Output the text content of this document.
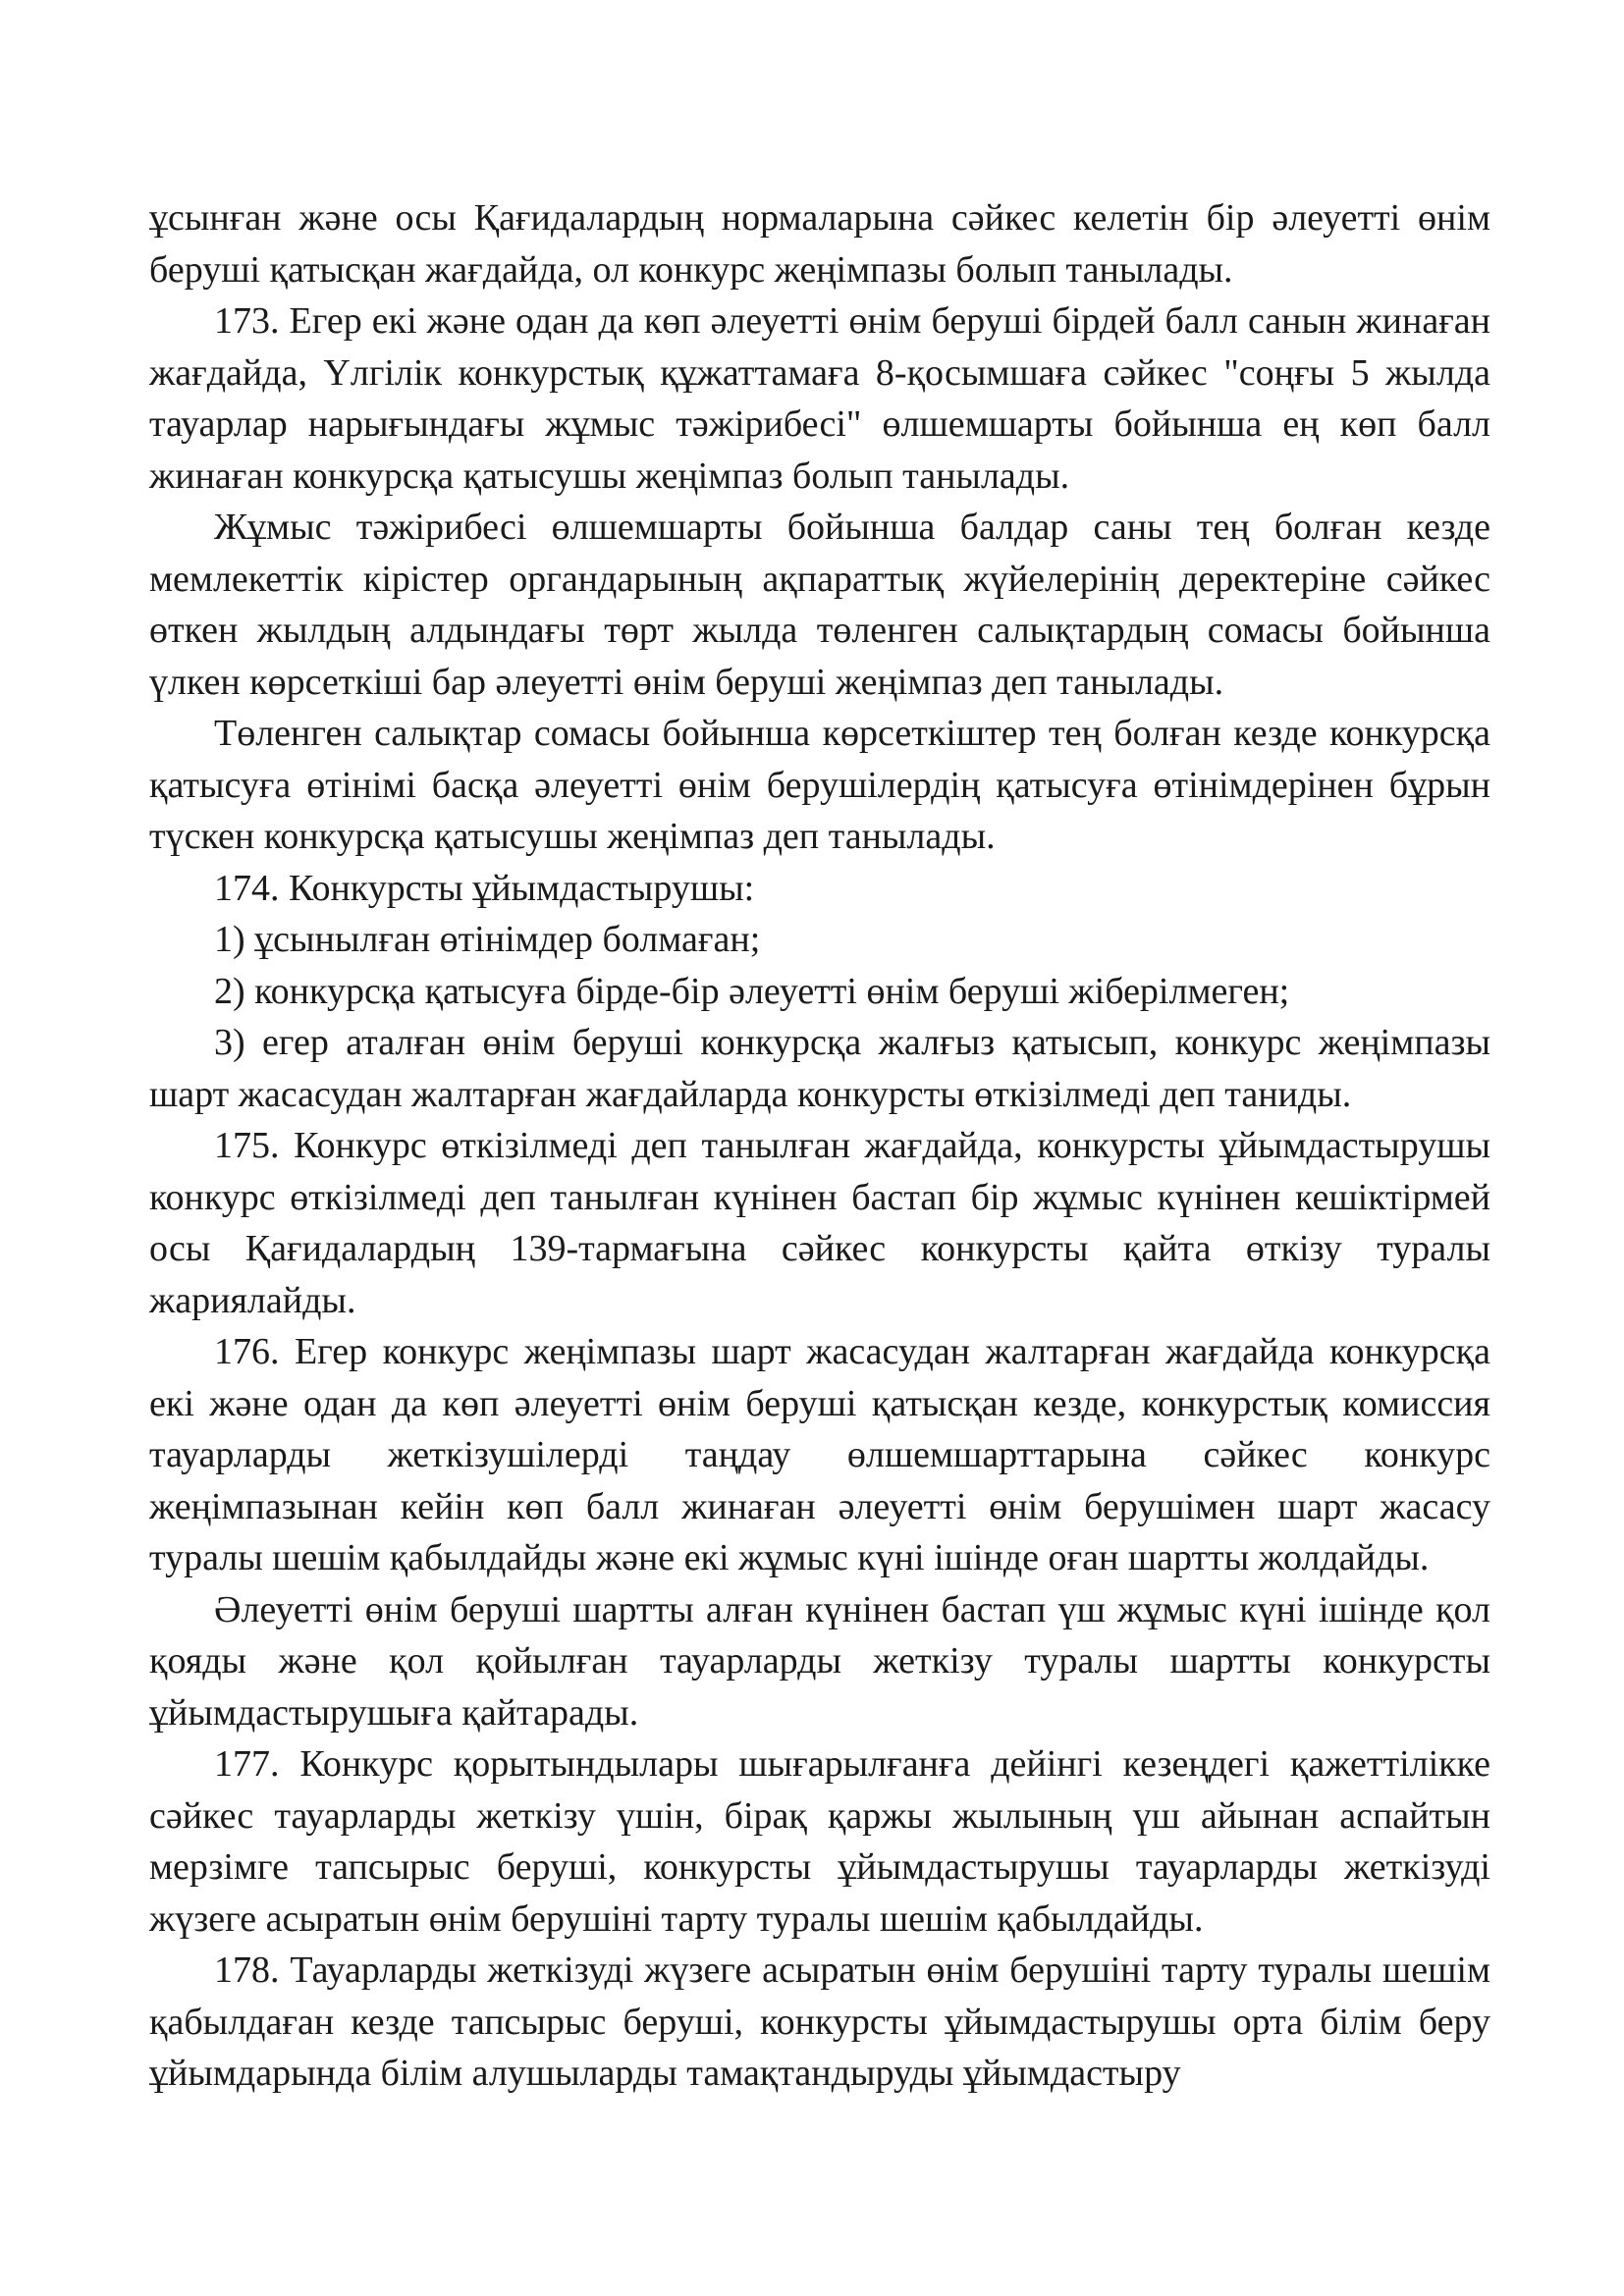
ұсынған және осы Қағидалардың нормаларына сәйкес келетін бір әлеуетті өнім беруші қатысқан жағдайда, ол конкурс жеңімпазы болып танылады.

173. Егер екі және одан да көп әлеуетті өнім беруші бірдей балл санын жинаған жағдайда, Үлгілік конкурстық құжаттамаға 8-қосымшаға сәйкес "соңғы 5 жылда тауарлар нарығындағы жұмыс тәжірибесі" өлшемшарты бойынша ең көп балл жинаған конкурсқа қатысушы жеңімпаз болып танылады.

Жұмыс тәжірибесі өлшемшарты бойынша балдар саны тең болған кезде мемлекеттік кірістер органдарының ақпараттық жүйелерінің деректеріне сәйкес өткен жылдың алдындағы төрт жылда төленген салықтардың сомасы бойынша үлкен көрсеткіші бар әлеуетті өнім беруші жеңімпаз деп танылады.

Төленген салықтар сомасы бойынша көрсеткіштер тең болған кезде конкурсқа қатысуға өтінімі басқа әлеуетті өнім берушілердің қатысуға өтінімдерінен бұрын түскен конкурсқа қатысушы жеңімпаз деп танылады.

174. Конкурсты ұйымдастырушы:

1) ұсынылған өтінімдер болмаған;

2) конкурсқа қатысуға бірде-бір әлеуетті өнім беруші жіберілмеген;

3) егер аталған өнім беруші конкурсқа жалғыз қатысып, конкурс жеңімпазы шарт жасасудан жалтарған жағдайларда конкурсты өткізілмеді деп таниды.

175. Конкурс өткізілмеді деп танылған жағдайда, конкурсты ұйымдастырушы конкурс өткізілмеді деп танылған күнінен бастап бір жұмыс күнінен кешіктірмей осы Қағидалардың 139-тармағына сәйкес конкурсты қайта өткізу туралы жариялайды.

176. Егер конкурс жеңімпазы шарт жасасудан жалтарған жағдайда конкурсқа екі және одан да көп әлеуетті өнім беруші қатысқан кезде, конкурстық комиссия тауарларды жеткізушілерді таңдау өлшемшарттарына сәйкес конкурс жеңімпазынан кейін көп балл жинаған әлеуетті өнім берушімен шарт жасасу туралы шешім қабылдайды және екі жұмыс күні ішінде оған шартты жолдайды.

Әлеуетті өнім беруші шартты алған күнінен бастап үш жұмыс күні ішінде қол қояды және қол қойылған тауарларды жеткізу туралы шартты конкурсты ұйымдастырушыға қайтарады.

177. Конкурс қорытындылары шығарылғанға дейінгі кезеңдегі қажеттілікке сәйкес тауарларды жеткізу үшін, бірақ қаржы жылының үш айынан аспайтын мерзімге тапсырыс беруші, конкурсты ұйымдастырушы тауарларды жеткізуді жүзеге асыратын өнім берушіні тарту туралы шешім қабылдайды.

178. Тауарларды жеткізуді жүзеге асыратын өнім берушіні тарту туралы шешім қабылдаған кезде тапсырыс беруші, конкурсты ұйымдастырушы орта білім беру ұйымдарында білім алушыларды тамақтандыруды ұйымдастыру
